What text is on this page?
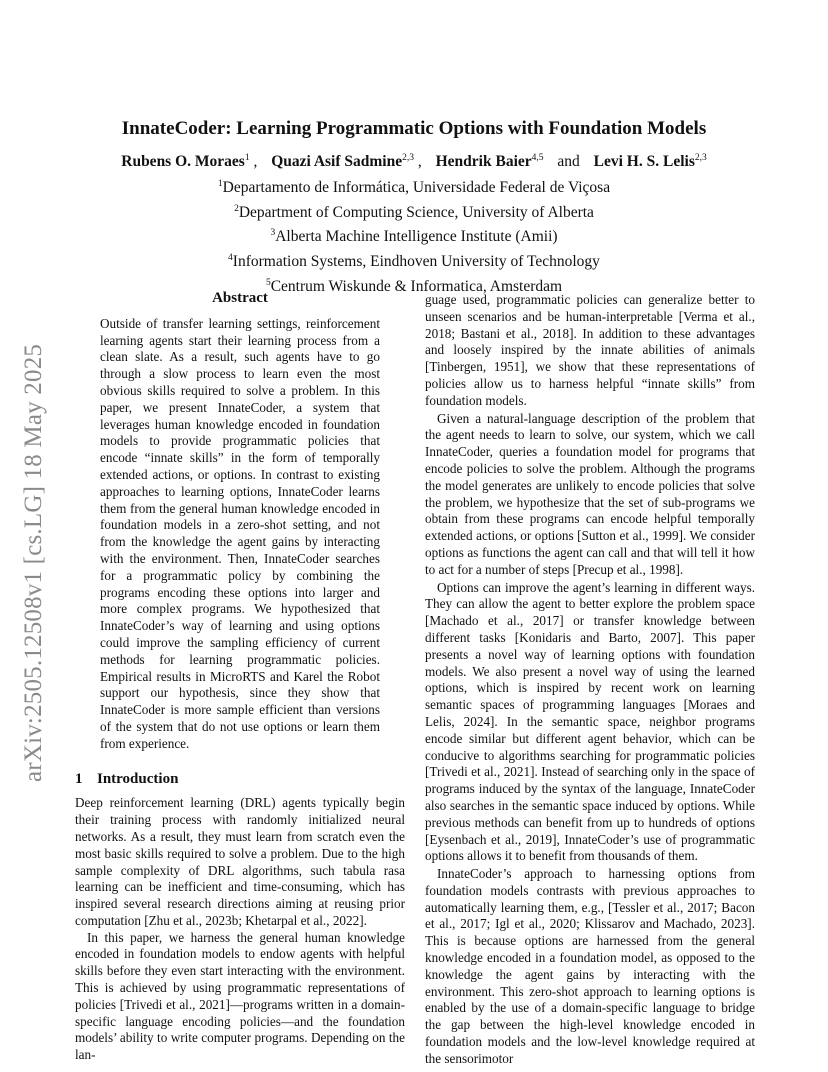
arXiv:2505.12508v1 [cs.LG] 18 May 2025
InnateCoder: Learning Programmatic Options with Foundation Models
Rubens O. Moraes$^1$ , Quazi Asif Sadmine$^{2,3}$ , Hendrik Baier$^{4,5}$ and Levi H. S. Lelis$^{2,3}$
$^1$Departamento de Informática, Universidade Federal de Viçosa
$^2$Department of Computing Science, University of Alberta
$^3$Alberta Machine Intelligence Institute (Amii)
$^4$Information Systems, Eindhoven University of Technology
$^5$Centrum Wiskunde & Informatica, Amsterdam
Abstract

Outside of transfer learning settings, reinforcement learning agents start their learning process from a clean slate. As a result, such agents have to go through a slow process to learn even the most obvious skills required to solve a problem. In this paper, we present InnateCoder, a system that leverages human knowledge encoded in foundation models to provide programmatic policies that encode “innate skills” in the form of temporally extended actions, or options. In contrast to existing approaches to learning options, InnateCoder learns them from the general human knowledge encoded in foundation models in a zero-shot setting, and not from the knowledge the agent gains by interacting with the environment. Then, InnateCoder searches for a programmatic policy by combining the programs encoding these options into larger and more complex programs. We hypothesized that InnateCoder’s way of learning and using options could improve the sampling efficiency of current methods for learning programmatic policies. Empirical results in MicroRTS and Karel the Robot support our hypothesis, since they show that InnateCoder is more sample efficient than versions of the system that do not use options or learn them from experience.

1 Introduction

Deep reinforcement learning (DRL) agents typically begin their training process with randomly initialized neural networks. As a result, they must learn from scratch even the most basic skills required to solve a problem. Due to the high sample complexity of DRL algorithms, such tabula rasa learning can be inefficient and time-consuming, which has inspired several research directions aiming at reusing prior computation [Zhu et al., 2023b; Khetarpal et al., 2022].

In this paper, we harness the general human knowledge encoded in foundation models to endow agents with helpful skills before they even start interacting with the environment. This is achieved by using programmatic representations of policies [Trivedi et al., 2021]—programs written in a domain-specific language encoding policies—and the foundation models’ ability to write computer programs. Depending on the lan-

guage used, programmatic policies can generalize better to unseen scenarios and be human-interpretable [Verma et al., 2018; Bastani et al., 2018]. In addition to these advantages and loosely inspired by the innate abilities of animals [Tinbergen, 1951], we show that these representations of policies allow us to harness helpful “innate skills” from foundation models.

Given a natural-language description of the problem that the agent needs to learn to solve, our system, which we call InnateCoder, queries a foundation model for programs that encode policies to solve the problem. Although the programs the model generates are unlikely to encode policies that solve the problem, we hypothesize that the set of sub-programs we obtain from these programs can encode helpful temporally extended actions, or options [Sutton et al., 1999]. We consider options as functions the agent can call and that will tell it how to act for a number of steps [Precup et al., 1998].

Options can improve the agent’s learning in different ways. They can allow the agent to better explore the problem space [Machado et al., 2017] or transfer knowledge between different tasks [Konidaris and Barto, 2007]. This paper presents a novel way of learning options with foundation models. We also present a novel way of using the learned options, which is inspired by recent work on learning semantic spaces of programming languages [Moraes and Lelis, 2024]. In the semantic space, neighbor programs encode similar but different agent behavior, which can be conducive to algorithms searching for programmatic policies [Trivedi et al., 2021]. Instead of searching only in the space of programs induced by the syntax of the language, InnateCoder also searches in the semantic space induced by options. While previous methods can benefit from up to hundreds of options [Eysenbach et al., 2019], InnateCoder’s use of programmatic options allows it to benefit from thousands of them.

InnateCoder’s approach to harnessing options from foundation models contrasts with previous approaches to automatically learning them, e.g., [Tessler et al., 2017; Bacon et al., 2017; Igl et al., 2020; Klissarov and Machado, 2023]. This is because options are harnessed from the general knowledge encoded in a foundation model, as opposed to the knowledge the agent gains by interacting with the environment. This zero-shot approach to learning options is enabled by the use of a domain-specific language to bridge the gap between the high-level knowledge encoded in foundation models and the low-level knowledge required at the sensorimotor
